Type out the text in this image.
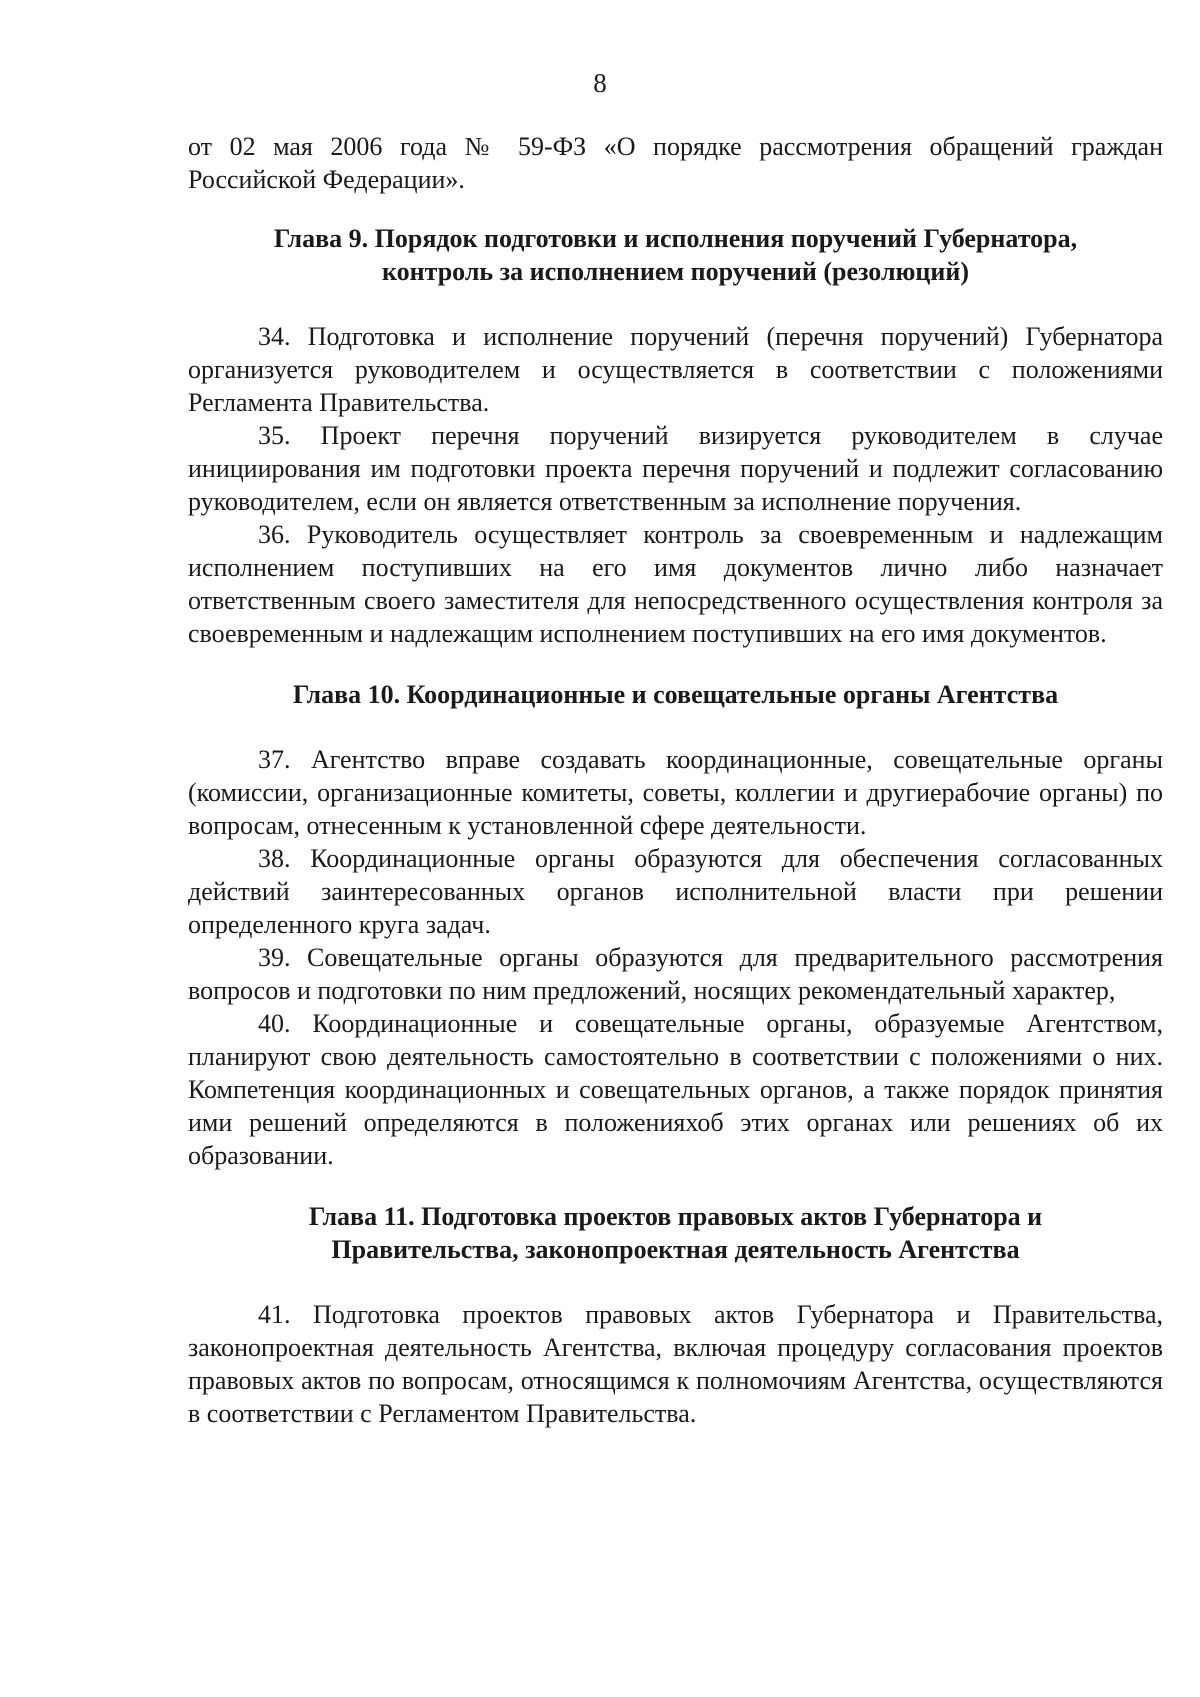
8

от 02 мая 2006 года № 59-ФЗ «О порядке рассмотрения обращений граждан Российской Федерации».

Глава 9. Порядок подготовки и исполнения поручений Губернатора,
контроль за исполнением поручений (резолюций)

34. Подготовка и исполнение поручений (перечня поручений) Губернатора организуется руководителем и осуществляется в соответствии с положениями Регламента Правительства.

35. Проект перечня поручений визируется руководителем в случае инициирования им подготовки проекта перечня поручений и подлежит согласованию руководителем, если он является ответственным за исполнение поручения.

36. Руководитель осуществляет контроль за своевременным и надлежащим исполнением поступивших на его имя документов лично либо назначает ответственным своего заместителя для непосредственного осуществления контроля за своевременным и надлежащим исполнением поступивших на его имя документов.

Глава 10. Координационные и совещательные органы Агентства

37. Агентство вправе создавать координационные, совещательные органы (комиссии, организационные комитеты, советы, коллегии и другиерабочие органы) по вопросам, отнесенным к установленной сфере деятельности.

38. Координационные органы образуются для обеспечения согласованных действий заинтересованных органов исполнительной власти при решении определенного круга задач.

39. Совещательные органы образуются для предварительного рассмотрения вопросов и подготовки по ним предложений, носящих рекомендательный характер,

40. Координационные и совещательные органы, образуемые Агентством, планируют свою деятельность самостоятельно в соответствии с положениями о них. Компетенция координационных и совещательных органов, а также порядок принятия ими решений определяются в положенияхоб этих органах или решениях об их образовании.

Глава 11. Подготовка проектов правовых актов Губернатора и
Правительства, законопроектная деятельность Агентства

41. Подготовка проектов правовых актов Губернатора и Правительства, законопроектная деятельность Агентства, включая процедуру согласования проектов правовых актов по вопросам, относящимся к полномочиям Агентства, осуществляются в соответствии с Регламентом Правительства.
